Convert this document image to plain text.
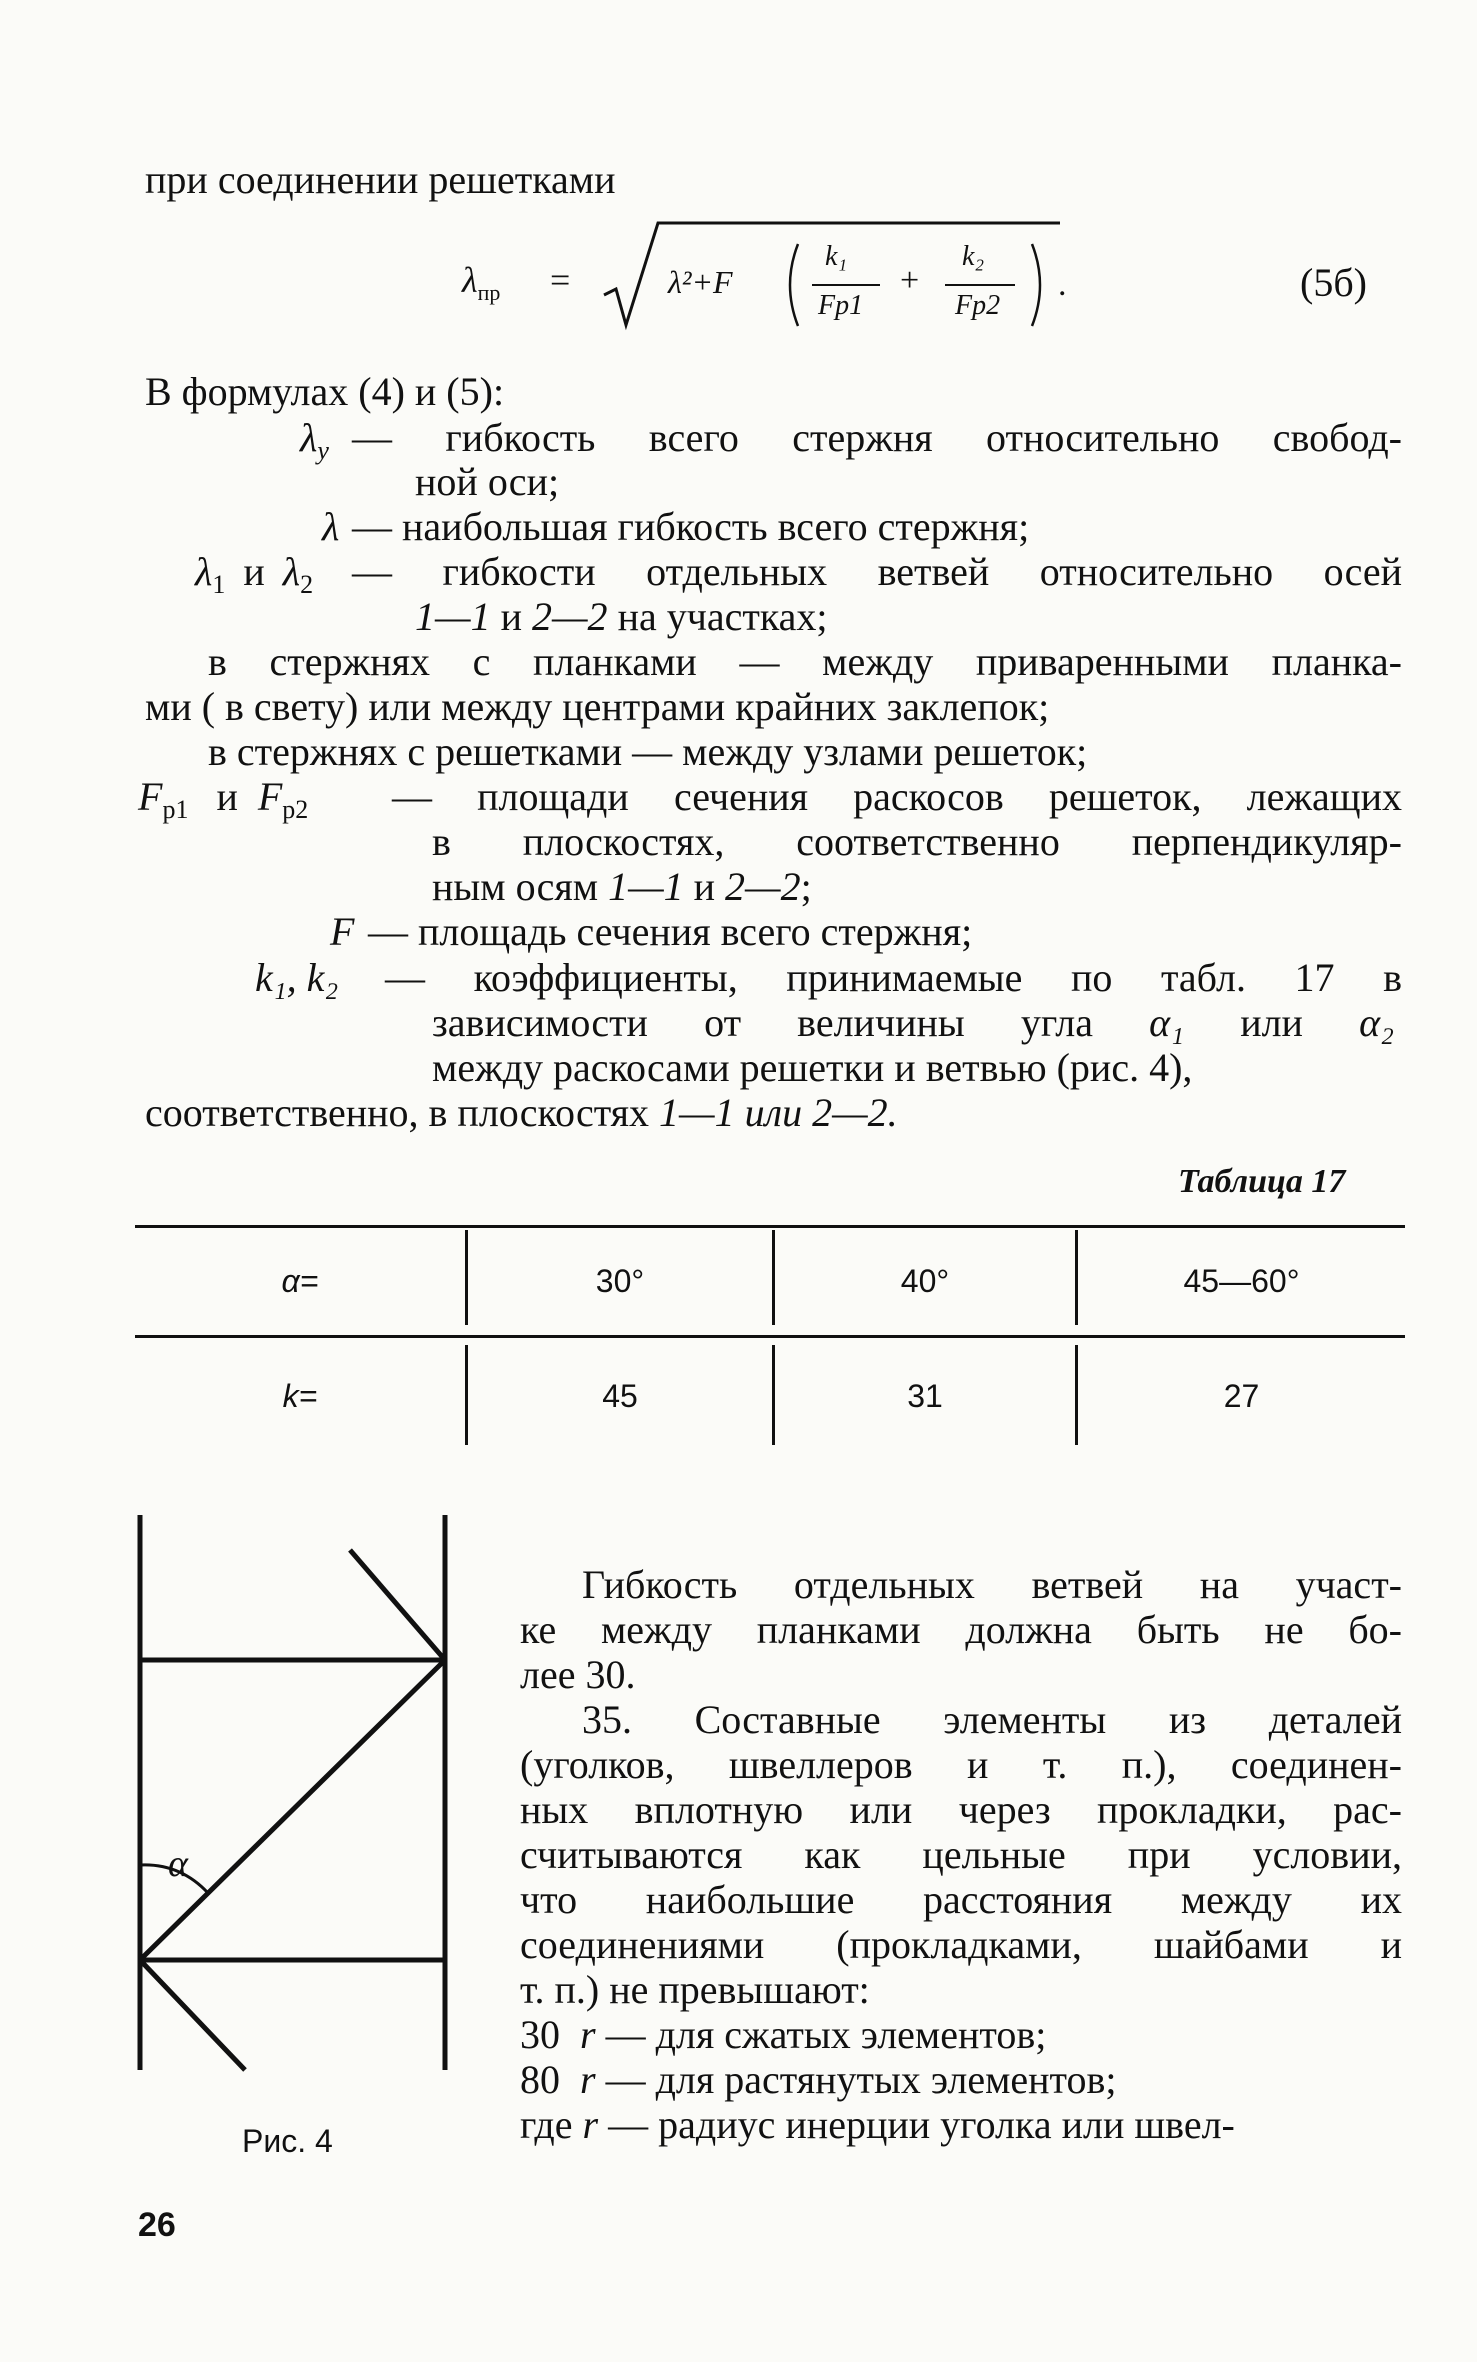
при соединении решетками
$\lambda_{пр}$ =	λ²+F
k₁
Fp1
+
k₂
Fp2
.	(5б)
В формулах (4) и (5):
$\lambda_y$ — гибкость всего стержня относительно свобод-
ной оси;
λ — наибольшая гибкость всего стержня;
$\lambda_1$ и $\lambda_2$ — гибкости отдельных ветвей относительно осей
1—1 и 2—2 на участках;
в стержнях с планками — между приваренными планка-
ми ( в свету) или между центрами крайних заклепок;
в стержнях с решетками — между узлами решеток;
$F_{p1}$ и $F_{p2}$ — площади сечения раскосов решеток, лежащих
в плоскостях, соответственно перпендикуляр-
ным осям 1—1 и 2—2;
F — площадь сечения всего стержня;
k₁, k₂ — коэффициенты, принимаемые по табл. 17 в
зависимости от величины угла α₁ или α₂
между раскосами решетки и ветвью (рис. 4),
соответственно, в плоскостях 1—1 или 2—2.
Таблица 17
α=	30°	40°	45—60°
k=	45	31	27
α
Рис. 4
Гибкость отдельных ветвей на участ-
ке между планками должна быть не бо-
лее 30.
35. Составные элементы из деталей
(уголков, швеллеров и т. п.), соединен-
ных вплотную или через прокладки, рас-
считываются как цельные при условии,
что наибольшие расстояния между их
соединениями (прокладками, шайбами и
т. п.) не превышают:
30 r — для сжатых элементов;
80 r — для растянутых элементов;
где r — радиус инерции уголка или швел-
26
